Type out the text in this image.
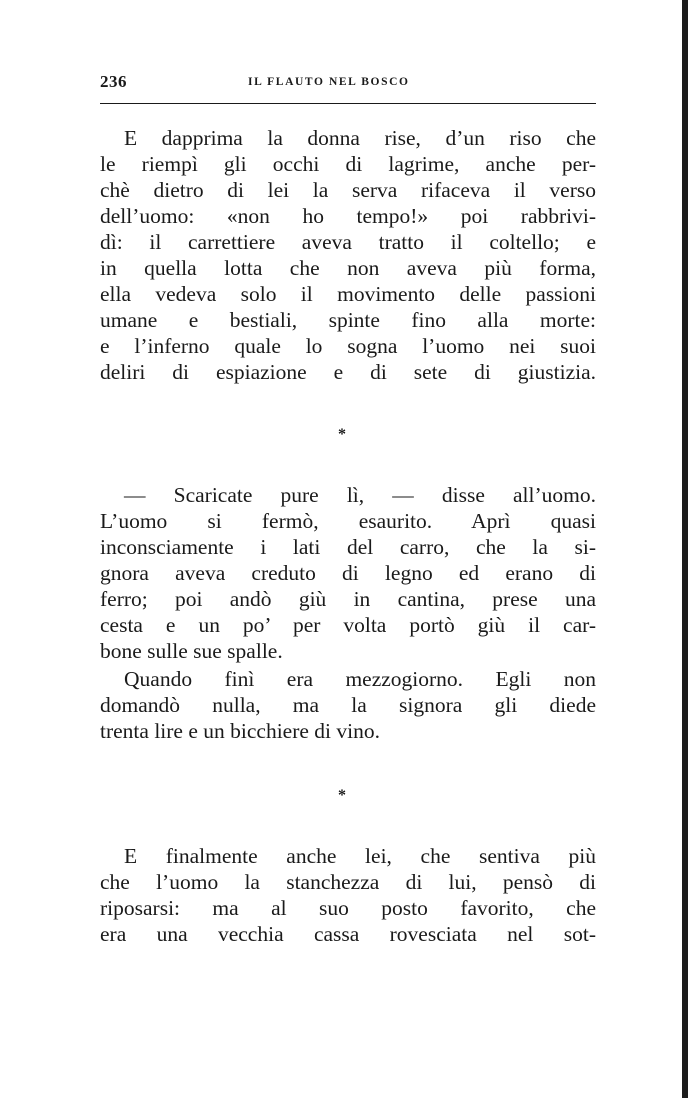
236	IL FLAUTO NEL BOSCO
E dapprima la donna rise, d’un riso che
le riempì gli occhi di lagrime, anche per-
chè dietro di lei la serva rifaceva il verso
dell’uomo: «non ho tempo!» poi rabbrivi-
dì: il carrettiere aveva tratto il coltello; e
in quella lotta che non aveva più forma,
ella vedeva solo il movimento delle passioni
umane e bestiali, spinte fino alla morte:
e l’inferno quale lo sogna l’uomo nei suoi
deliri di espiazione e di sete di giustizia.
*
— Scaricate pure lì, — disse all’uomo.
L’uomo si fermò, esaurito. Aprì quasi
inconsciamente i lati del carro, che la si-
gnora aveva creduto di legno ed erano di
ferro; poi andò giù in cantina, prese una
cesta e un po’ per volta portò giù il car-
bone sulle sue spalle.
Quando finì era mezzogiorno. Egli non
domandò nulla, ma la signora gli diede
trenta lire e un bicchiere di vino.
*
E finalmente anche lei, che sentiva più
che l’uomo la stanchezza di lui, pensò di
riposarsi: ma al suo posto favorito, che
era una vecchia cassa rovesciata nel sot-
